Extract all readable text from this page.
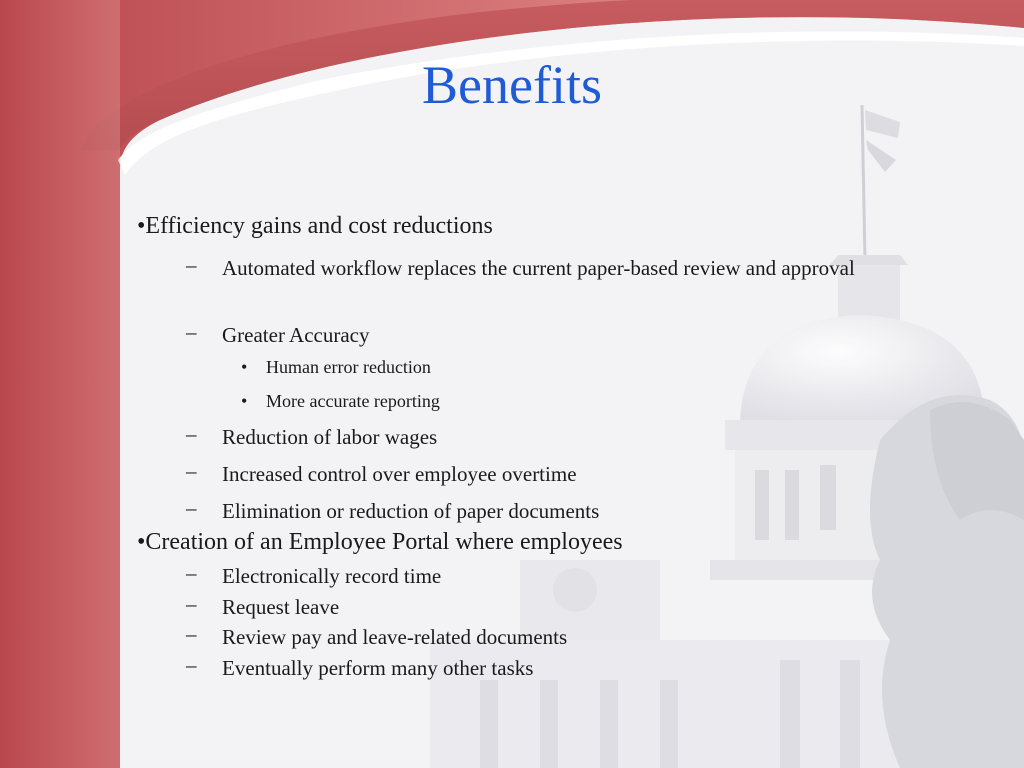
Benefits
•Efficiency gains and cost reductions
– Automated workflow replaces the current paper-based review and approval
– Greater Accuracy
• Human error reduction
• More accurate reporting
– Reduction of labor wages
– Increased control over employee overtime
– Elimination or reduction of paper documents
•Creation of an Employee Portal where employees
– Electronically record time
– Request leave
– Review pay and leave-related documents
– Eventually perform many other tasks
